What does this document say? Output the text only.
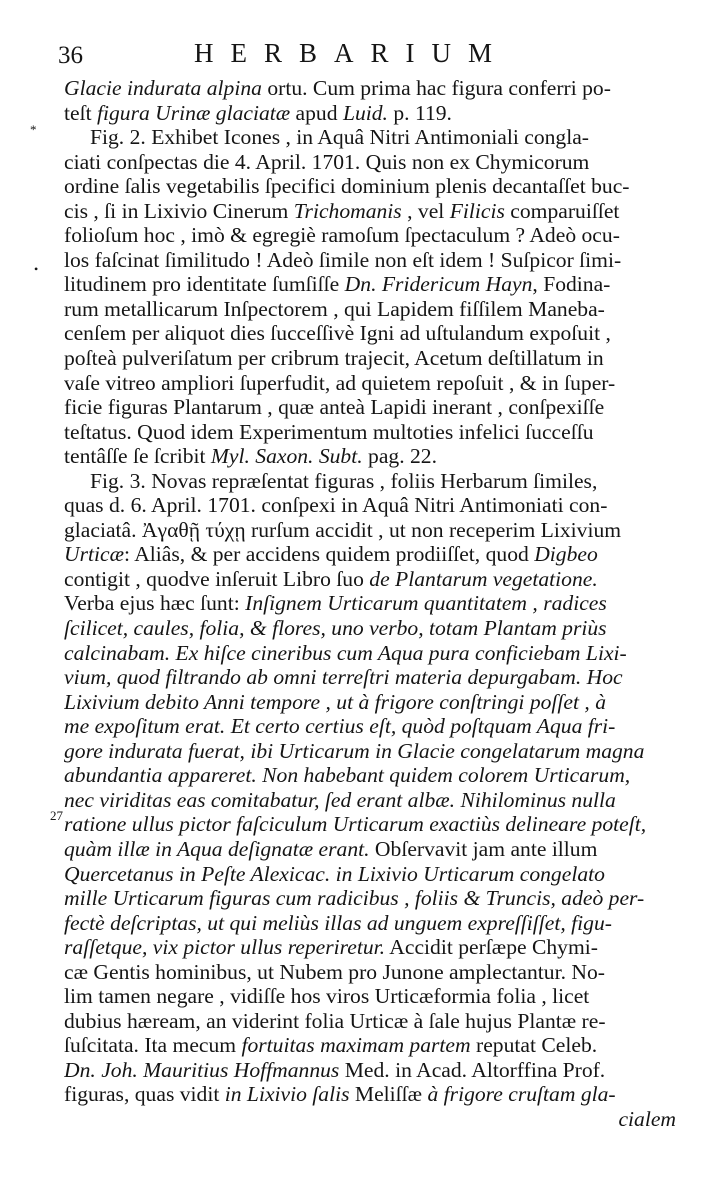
36	HERBARIUM
*
•
27
Glacie indurata alpina ortu. Cum prima hac figura conferri po-
teſt figura Urinæ glaciatæ apud Luid. p. 119.
Fig. 2. Exhibet Icones , in Aquâ Nitri Antimoniali congla-
ciati conſpectas die 4. April. 1701. Quis non ex Chymicorum
ordine ſalis vegetabilis ſpecifici dominium plenis decantaſſet buc-
cis , ſi in Lixivio Cinerum Trichomanis , vel Filicis comparuiſſet
folioſum hoc , imò & egregiè ramoſum ſpectaculum ? Adeò ocu-
los faſcinat ſimilitudo ! Adeò ſimile non eſt idem ! Suſpicor ſimi-
litudinem pro identitate ſumſiſſe Dn. Fridericum Hayn, Fodina-
rum metallicarum Inſpectorem , qui Lapidem fiſſilem Maneba-
cenſem per aliquot dies ſucceſſivè Igni ad uſtulandum expoſuit ,
poſteà pulveriſatum per cribrum trajecit, Acetum deſtillatum in
vaſe vitreo ampliori ſuperfudit, ad quietem repoſuit , & in ſuper-
ficie figuras Plantarum , quæ anteà Lapidi inerant , conſpexiſſe
teſtatus. Quod idem Experimentum multoties infelici ſucceſſu
tentâſſe ſe ſcribit Myl. Saxon. Subt. pag. 22.
Fig. 3. Novas repræſentat figuras , foliis Herbarum ſimiles,
quas d. 6. April. 1701. conſpexi in Aquâ Nitri Antimoniati con-
glaciatâ. Ἀγαθῇ τύχῃ rurſum accidit , ut non receperim Lixivium
Urticæ: Aliâs, & per accidens quidem prodiiſſet, quod Digbeo
contigit , quodve inſeruit Libro ſuo de Plantarum vegetatione.
Verba ejus hæc ſunt: Inſignem Urticarum quantitatem , radices
ſcilicet, caules, folia, & flores, uno verbo, totam Plantam priùs
calcinabam. Ex hiſce cineribus cum Aqua pura conficiebam Lixi-
vium, quod filtrando ab omni terreſtri materia depurgabam. Hoc
Lixivium debito Anni tempore , ut à frigore conſtringi poſſet , à
me expoſitum erat. Et certo certius eſt, quòd poſtquam Aqua fri-
gore indurata fuerat, ibi Urticarum in Glacie congelatarum magna
abundantia appareret. Non habebant quidem colorem Urticarum,
nec viriditas eas comitabatur, ſed erant albæ. Nihilominus nulla
ratione ullus pictor faſciculum Urticarum exactiùs delineare poteſt,
quàm illæ in Aqua deſignatæ erant. Obſervavit jam ante illum
Quercetanus in Peſte Alexicac. in Lixivio Urticarum congelato
mille Urticarum figuras cum radicibus , foliis & Truncis, adeò per-
fectè deſcriptas, ut qui meliùs illas ad unguem expreſſiſſet, figu-
raſſetque, vix pictor ullus reperiretur. Accidit perſæpe Chymi-
cæ Gentis hominibus, ut Nubem pro Junone amplectantur. No-
lim tamen negare , vidiſſe hos viros Urticæformia folia , licet
dubius hæream, an viderint folia Urticæ à ſale hujus Plantæ re-
ſuſcitata. Ita mecum fortuitas maximam partem reputat Celeb.
Dn. Joh. Mauritius Hoffmannus Med. in Acad. Altorffina Prof.
figuras, quas vidit in Lixivio ſalis Meliſſæ à frigore cruſtam gla-
cialem
